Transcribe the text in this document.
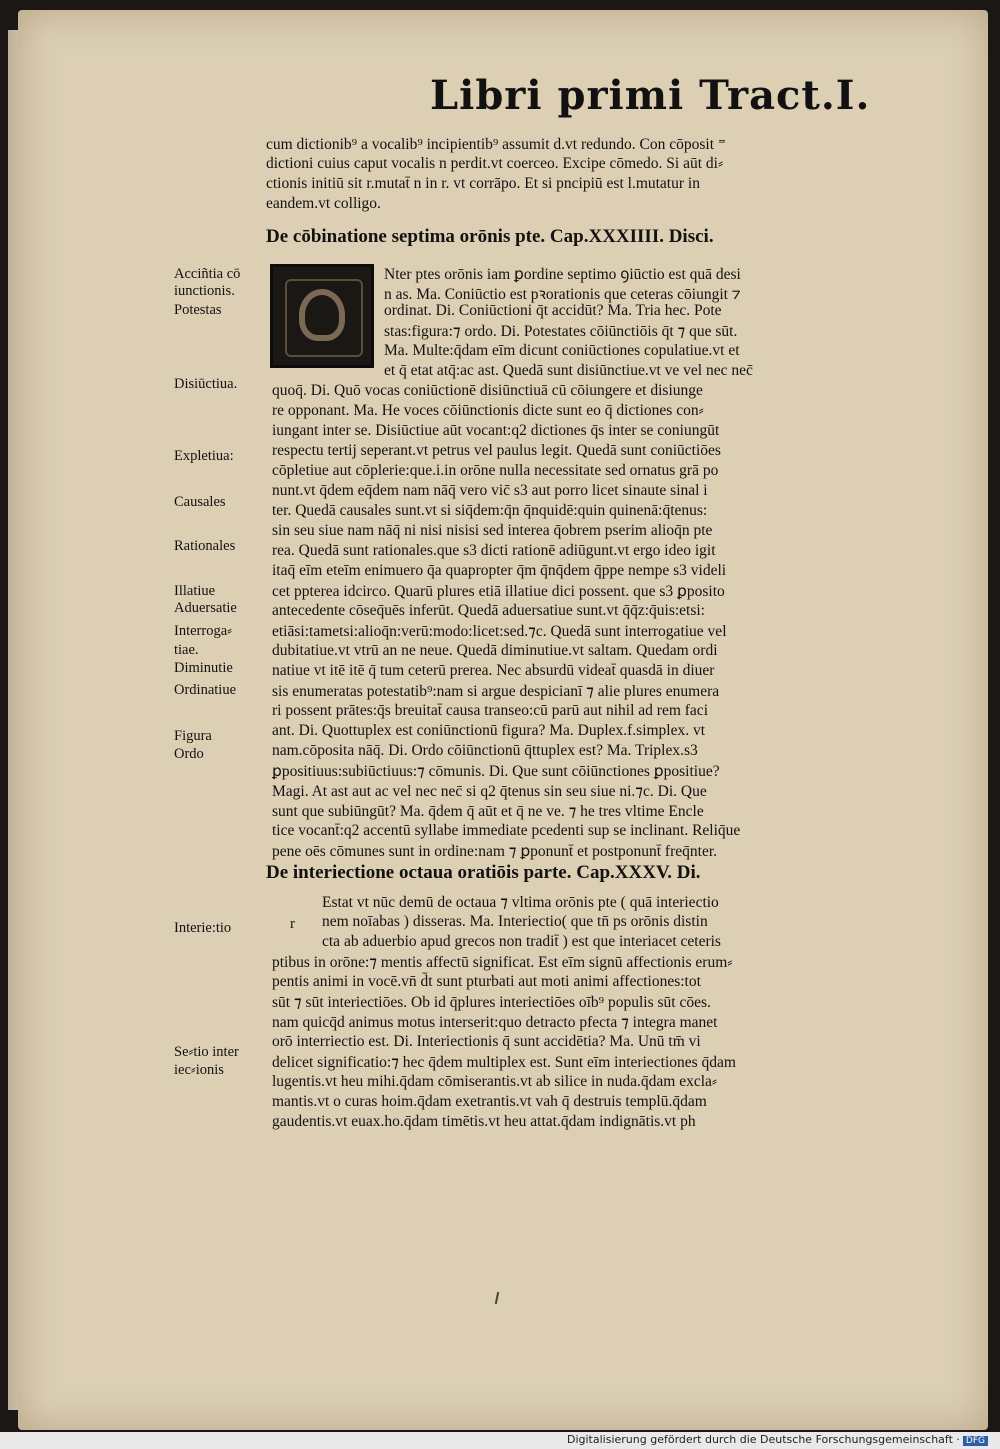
Libri primi Tract.I.
cum dictionib⁹ a vocalib⁹ incipientib⁹ assumit d.vt redundo. Con cōposit ⁼
dictioni cuius caput vocalis n perdit.vt coerceo. Excipe cōmedo. Si aūt di⸗
ctionis initiū sit r.mutat̄ n in r. vt corrāpo. Et si pncipiū est l.mutatur in
eandem.vt colligo.
De cōbinatione septima orōnis pte. Cap.XXXIIII. Disci.
Nter ptes orōnis iam ꝑordine septimo ꝯiūctio est quā desi
n as. Ma. Coniūctio est pꝛorationis que ceteras cōiungit ⁊
ordinat. Di. Coniūctioni q̄t accidūt? Ma. Tria hec. Pote
stas:figura:⁊ ordo. Di. Potestates cōiūnctiōis q̄t ⁊ que sūt.
Ma. Multe:q̄dam eīm dicunt coniūctiones copulatiue.vt et
et q̄ etat atq̄:ac ast. Quedā sunt disiūnctiue.vt ve vel nec nec̄
quoq̄. Di. Quō vocas coniūctionē disiūnctiuā cū cōiungere et disiunge
re opponant. Ma. He voces cōiūnctionis dicte sunt eo q̄ dictiones con⸗
iungant inter se. Disiūctiue aūt vocant:q2 dictiones q̄s inter se coniungūt
respectu tertij seperant.vt petrus vel paulus legit. Quedā sunt coniūctiōes
cōpletiue aut cōplerie:que.i.in orōne nulla necessitate sed ornatus grā po
nunt.vt q̄dem eq̄dem nam nāq̄ vero vic̄ s3 aut porro licet sinaute sinal i
ter. Quedā causales sunt.vt si siq̄dem:q̄n q̄nquidē:quin quinenā:q̄tenus:
sin seu siue nam nāq̄ ni nisi nisisi sed interea q̄obrem pserim alioq̄n pte
rea. Quedā sunt rationales.que s3 dicti rationē adiūgunt.vt ergo ideo igit
itaq̄ eīm eteīm enimuero q̄a quapropter q̄m q̄nq̄dem q̄ppe nempe s3 videli
cet ppterea idcirco. Quarū plures etiā illatiue dici possent. que s3 ꝑposito
antecedente cōseq̄uēs inferūt. Quedā aduersatiue sunt.vt q̄q̄z:q̄uis:etsi:
etiāsi:tametsi:alioq̄n:verū:modo:licet:sed.⁊c. Quedā sunt interrogatiue vel
dubitatiue.vt vtrū an ne neue. Quedā diminutiue.vt saltam. Quedam ordi
natiue vt itē itē q̄ tum ceterū prerea. Nec absurdū videat̄ quasdā in diuer
sis enumeratas potestatib⁹:nam si argue despicianī ⁊ alie plures enumera
ri possent prātes:q̄s breuitat̄ causa transeo:cū parū aut nihil ad rem faci
ant. Di. Quottuplex est coniūnctionū figura? Ma. Duplex.f.simplex. vt
nam.cōposita nāq̄. Di. Ordo cōiūnctionū q̄ttuplex est? Ma. Triplex.s3
ꝑpositiuus:subiūctiuus:⁊ cōmunis. Di. Que sunt cōiūnctiones ꝑpositiue?
Magi. At ast aut ac vel nec nec̄ si q2 q̄tenus sin seu siue ni.⁊c. Di. Que
sunt que subiūngūt? Ma. q̄dem q̄ aūt et q̄ ne ve. ⁊ he tres vltime Encle
tice vocant̄:q2 accentū syllabe immediate pcedenti sup se inclinant. Reliq̄ue
pene oēs cōmunes sunt in ordine:nam ⁊ ꝑponunt̄ et postponunt̄ freq̄nter.
De interiectione octaua oratiōis parte. Cap.XXXV. Di.
r
Estat vt nūc demū de octaua ⁊ vltima orōnis pte ( quā interiectio
nem noīabas ) disseras. Ma. Interiectio( que tn̄ ps orōnis distin
cta ab aduerbio apud grecos non tradit̄ ) est que interiacet ceteris
ptibus in orōne:⁊ mentis affectū significat. Est eīm signū affectionis erum⸗
pentis animi in vocē.vn̄ d̄t sunt pturbati aut moti animi affectiones:tot
sūt ⁊ sūt interiectiōes. Ob id q̄plures interiectiōes oīb⁹ populis sūt cōes.
nam quicq̄d animus motus interserit:quo detracto pfecta ⁊ integra manet
orō interriectio est. Di. Interiectionis q̄ sunt accidētia? Ma. Unū tm̄ vi
delicet significatio:⁊ hec q̄dem multiplex est. Sunt eīm interiectiones q̄dam
lugentis.vt heu mihi.q̄dam cōmiserantis.vt ab silice in nuda.q̄dam excla⸗
mantis.vt o curas hoim.q̄dam exetrantis.vt vah q̄ destruis templū.q̄dam
gaudentis.vt euax.ho.q̄dam timētis.vt heu attat.q̄dam indignātis.vt ph
Acciñtia cō
iunctionis.
Potestas
Disiūctiua.
Expletiua:
Causales
Rationales
Illatiue
Aduersatie
Interroga⸗
tiae.
Diminutie
Ordinatiue
Figura
Ordo
Interie:tio
Se⸗tio inter
iec⸗ionis
Digitalisierung gefördert durch die Deutsche Forschungsgemeinschaft · DFG
